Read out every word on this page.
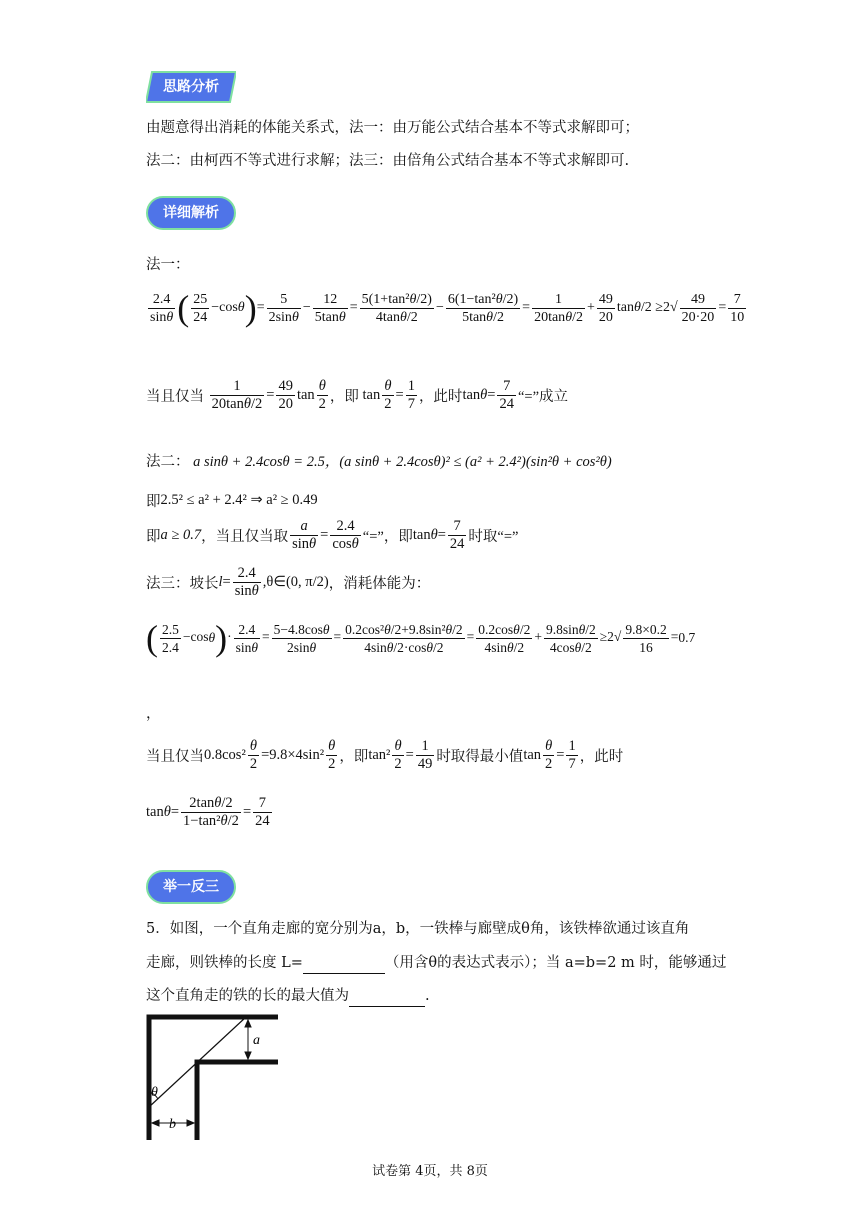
思路分析
由题意得出消耗的体能关系式，法一：由万能公式结合基本不等式求解即可；
法二：由柯西不等式进行求解；法三：由倍角公式结合基本不等式求解即可.
详细解析
法一：
$\frac{2.4}{\sin\theta}$ ( $\frac{25}{24} -\cos\theta)= \frac{5}{2\sin\theta} - \frac{12}{5\tan\theta} = \frac{\text{5(1+tan²θ/2)}}{4\tan\theta/2} - \frac{\text{6(1−tan²θ/2)}}{5\tan\theta/2} = \frac{1}{20\tan\theta/2} + \frac{49}{20} \tan\theta/2 \ge 2√ \frac{49}{20\cdot 20} = \frac{7}{10}$
当且仅当 $\frac{1}{20\tan\theta/2} = \frac{49}{20}$ $\tan \frac{\theta}{2}$ ，即 $\tan \frac{\theta}{2} = \frac{1}{7}$ ，此时$\tan\theta= \frac{7}{24}$ “=”成立
法二： a sinθ + 2.4cosθ = 2.5，(a sinθ + 2.4cosθ)² ≤ (a² + 2.4²)(sin²θ + cos²θ)
即2.5² ≤ a² + 2.4² ⇒ a² ≥ 0.49
即a ≥ 0.7，当且仅当取 $\frac{a}{\sin\theta} = \frac{2.4}{\cos\theta}$ “=”，即$\tan\theta= \frac{7}{24}$ 时取“=”
法三：坡长$l= \frac{2.4}{\sin\theta}$ ,θ∈(0, π/2)，消耗体能为：
( $\frac{2.5}{2.4} -\cos\theta)\cdot \frac{2.4}{\sin\theta} = \frac{5-4.8\cos\theta}{2\sin\theta} = \frac{\text{0.2cos²θ/2+9.8sin²θ/2}}{4\sin\theta/2\cdot\cos\theta/2} = \frac{0.2\cos\theta/2}{4\sin\theta/2} + \frac{9.8\sin\theta/2}{4\cos\theta/2} \ge 2√ \frac{9.8\times 0.2}{16} =0.7$
，
当且仅当$0.8\cos^2 \frac{\theta}{2} =9.8\times 4\sin^2 \frac{\theta}{2}$ ，即$\tan^2 \frac{\theta}{2} = \frac{1}{49}$ 时取得最小值$\tan \frac{\theta}{2} = \frac{1}{7}$ ，此时
$\tan\theta= \frac{2\tan\theta/2}{\text{1−tan²θ/2}} = \frac{7}{24}$
举一反三
5．如图，一个直角走廊的宽分别为a，b，一铁棒与廊壁成θ角，该铁棒欲通过该直角
走廊，则铁棒的长度 L=	（用含θ的表达式表示）；当 a=b=2 m 时，能够通过
这个直角走的铁的长的最大值为	.
a
b
θ
试卷第 4页，共 8页
